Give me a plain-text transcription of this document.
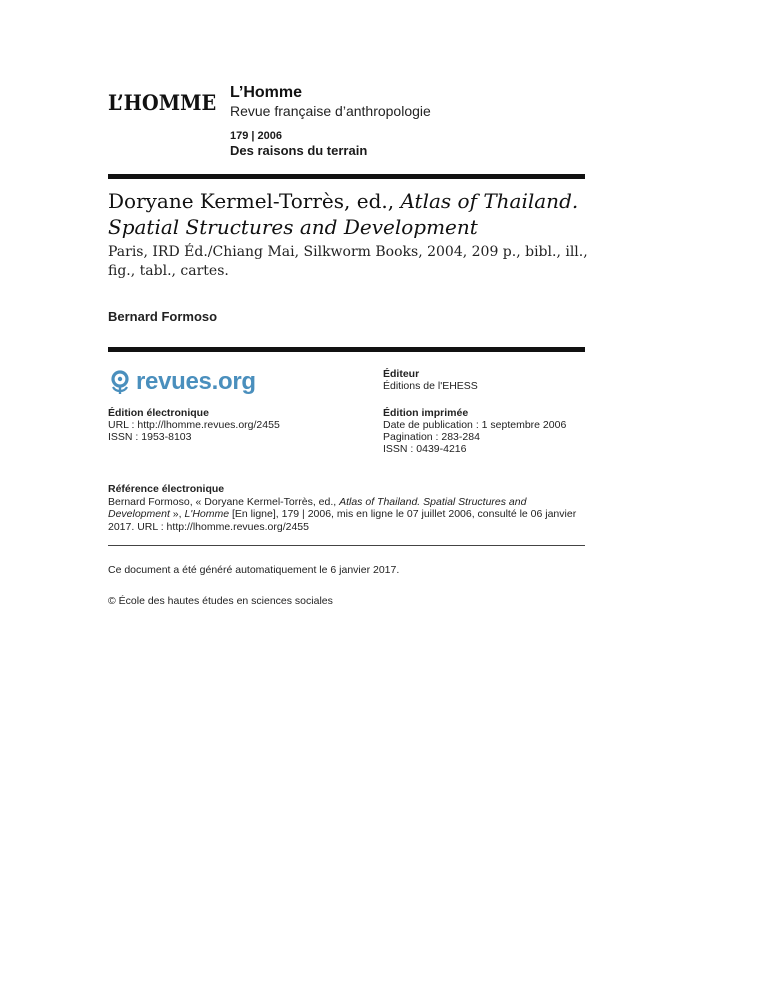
L’HOMME L’Homme
Revue française d’anthropologie
179 | 2006
Des raisons du terrain
Doryane Kermel-Torrès, ed., Atlas of Thailand. Spatial Structures and Development
Paris, IRD Éd./Chiang Mai, Silkworm Books, 2004, 209 p., bibl., ill., fig., tabl., cartes.
Bernard Formoso
revues.org	Éditeur
Éditions de l'EHESS
Édition électronique
URL : http://lhomme.revues.org/2455
ISSN : 1953-8103
Édition imprimée
Date de publication : 1 septembre 2006
Pagination : 283-284
ISSN : 0439-4216
Référence électronique
Bernard Formoso, « Doryane Kermel-Torrès, ed., Atlas of Thailand. Spatial Structures and Development », L'Homme [En ligne], 179 | 2006, mis en ligne le 07 juillet 2006, consulté le 06 janvier 2017. URL : http://lhomme.revues.org/2455
Ce document a été généré automatiquement le 6 janvier 2017.
© École des hautes études en sciences sociales
